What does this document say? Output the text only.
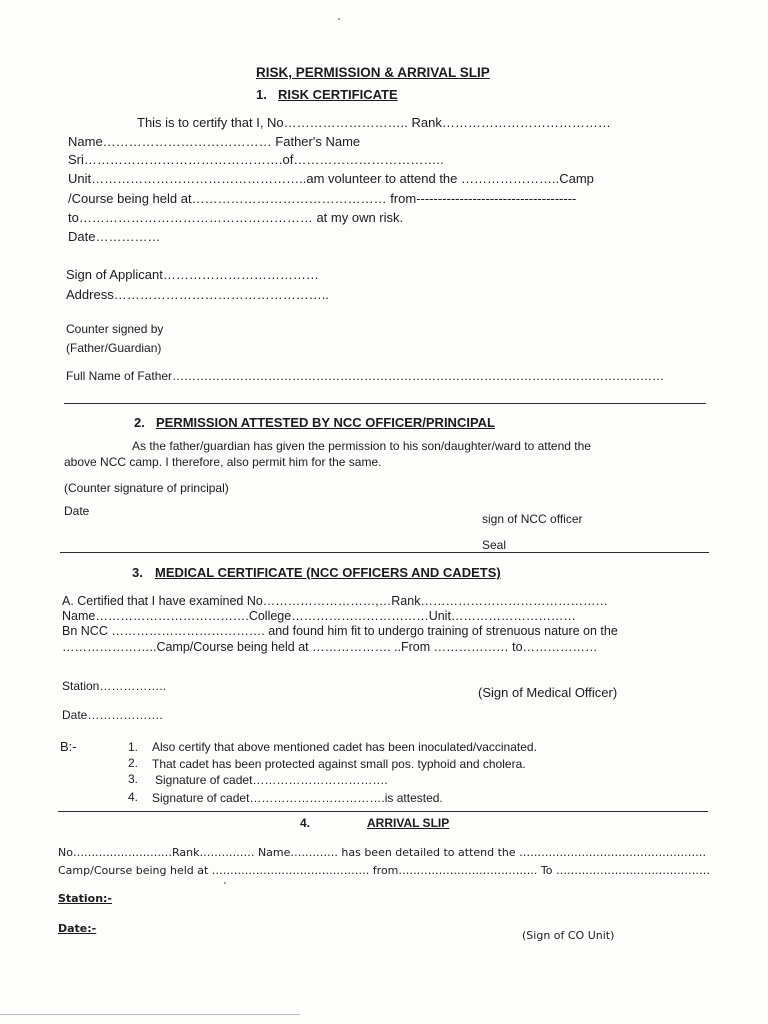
RISK, PERMISSION & ARRIVAL SLIP
1. RISK CERTIFICATE
This is to certify that I, No……………………….. Rank…………………………………
Name………………………………… Father's Name
Sri……………………………………….of……………………………..
Unit…………………………………………..am volunteer to attend the …………………..Camp
/Course being held at……………………………………… from-------------------------------------
to……………………………………………… at my own risk.
Date……………
Sign of Applicant………………………………
Address…………………………………………..
Counter signed by
(Father/Guardian)
Full Name of Father……………………………………………………………………………………………………………
2. PERMISSION ATTESTED BY NCC OFFICER/PRINCIPAL
As the father/guardian has given the permission to his son/daughter/ward to attend the
above NCC camp. I therefore, also permit him for the same.
(Counter signature of principal)
Date
sign of NCC officer
Seal
3. MEDICAL CERTIFICATE (NCC OFFICERS AND CADETS)
A. Certified that I have examined No………………………,…Rank………………………………………
Name……………………………….College……………………………Unit…………………………
Bn NCC ………………………………. and found him fit to undergo training of strenuous nature on the
…………………..Camp/Course being held at ………………. ..From ……………… to………………
Station……………..	(Sign of Medical Officer)
Date……………….
B:-	1. Also certify that above mentioned cadet has been inoculated/vaccinated.
2. That cadet has been protected against small pos. typhoid and cholera.
3. Signature of cadet…………………………….
4. Signature of cadet…………………………….is attested.
4.	ARRIVAL SLIP
No………………………Rank…………… Name…………. has been detailed to attend the ……………………………………………
Camp/Course being held at ……………………………………. from……………………………….. To ……………………………………
Station:-
Date:-
(Sign of CO Unit)
